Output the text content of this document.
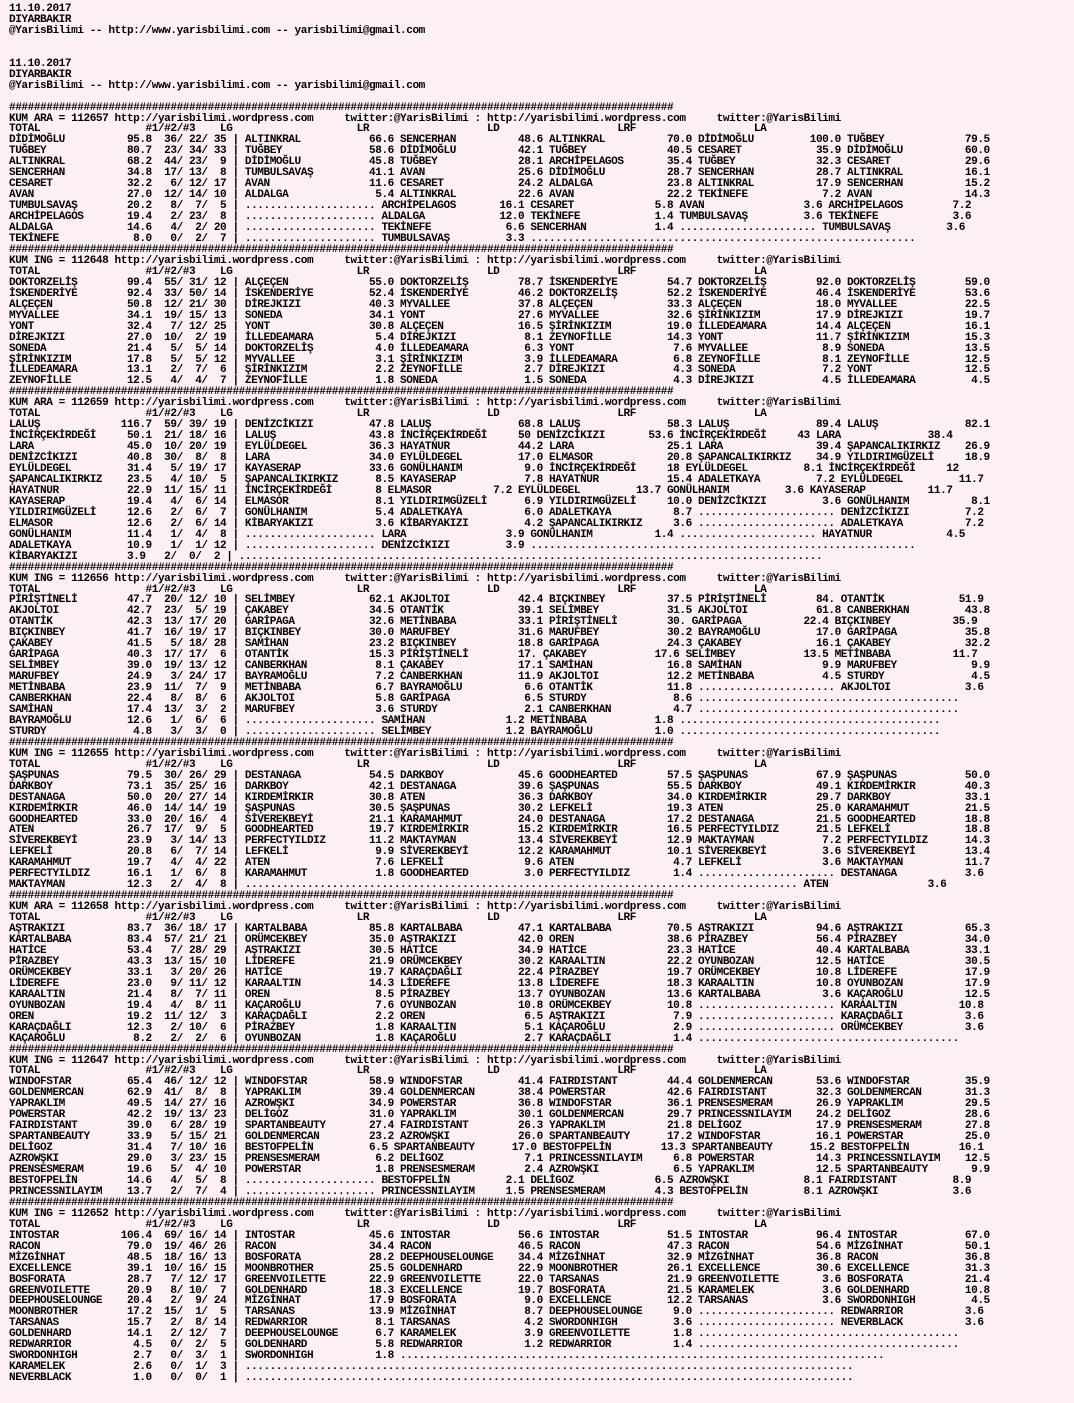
11.10.2017
DIYARBAKIR
@YarisBilimi -- http://www.yarisbilimi.com -- yarisbilimi@gmail.com

11.10.2017
DIYARBAKIR
@YarisBilimi -- http://www.yarisbilimi.com -- yarisbilimi@gmail.com

###########################################################################################################
KUM ARA = 112657 http://yarisbilimi.wordpress.com     twitter:@YarisBilimi : http://yarisbilimi.wordpress.com     twitter:@YarisBilimi
TOTAL                 #1/#2/#3    LG                    LR                   LD                   LRF                   LA
DİDİMOĞLU          95.8  36/ 22/ 35 | ALTINKRAL           66.6 SENCERHAN          48.6 ALTINKRAL          70.0 DİDİMOĞLU         100.0 TUĞBEY             79.5
TUĞBEY             80.7  23/ 34/ 33 | TUĞBEY              58.6 DİDİMOĞLU          42.1 TUĞBEY             40.5 CESARET            35.9 DİDİMOĞLU          60.0
ALTINKRAL          68.2  44/ 23/  9 | DİDİMOĞLU           45.8 TUĞBEY             28.1 ARCHİPELAGOS       35.4 TUĞBEY             32.3 CESARET            29.6
SENCERHAN          34.8  17/ 13/  8 | TUMBULSAVAŞ         41.1 AVAN               25.6 DİDİMOĞLU          28.7 SENCERHAN          28.7 ALTINKRAL          16.1
CESARET            32.2   6/ 12/ 17 | AVAN                11.6 CESARET            24.2 ALDALGA            23.8 ALTINKRAL          17.9 SENCERHAN          15.2
AVAN               27.0  12/ 14/ 10 | ALDALGA              5.4 ALTINKRAL          22.6 AVAN               22.2 TEKİNEFE            7.2 AVAN               14.3
TUMBULSAVAŞ        20.2   8/  7/  5 | ..................... ARCHİPELAGOS       16.1 CESARET             5.8 AVAN                3.6 ARCHİPELAGOS        7.2
ARCHİPELAGOS       19.4   2/ 23/  8 | ..................... ALDALGA            12.0 TEKİNEFE            1.4 TUMBULSAVAŞ         3.6 TEKİNEFE            3.6
ALDALGA            14.6   4/  2/ 20 | ..................... TEKİNEFE            6.6 SENCERHAN           1.4 ...................... TUMBULSAVAŞ         3.6
TEKİNEFE            8.0   0/  2/  7 | ..................... TUMBULSAVAŞ         3.3 ..............................................................
###########################################################################################################
KUM ING = 112648 http://yarisbilimi.wordpress.com     twitter:@YarisBilimi : http://yarisbilimi.wordpress.com     twitter:@YarisBilimi
TOTAL                 #1/#2/#3    LG                    LR                   LD                   LRF                   LA
DOKTORZELİŞ        99.4  55/ 31/ 12 | ALÇEÇEN             55.0 DOKTORZELİŞ        78.7 İSKENDERİYE        54.7 DOKTORZELİŞ        92.0 DOKTORZELİŞ        59.0
İSKENDERİYE        92.4  33/ 50/ 14 | İSKENDERİYE         52.4 İSKENDERİYE        46.2 DOKTORZELİŞ        52.2 İSKENDERİYE        46.4 İSKENDERİYE        53.6
ALÇEÇEN            50.8  12/ 21/ 30 | DİREJKIZI           40.3 MYVALLEE           37.8 ALÇEÇEN            33.3 ALÇEÇEN            18.0 MYVALLEE           22.5
MYVALLEE           34.1  19/ 15/ 13 | SONEDA              34.1 YONT               27.6 MYVALLEE           32.6 ŞİRİNKIZIM         17.9 DİREJKIZI          19.7
YONT               32.4   7/ 12/ 25 | YONT                30.8 ALÇEÇEN            16.5 ŞİRİNKIZIM         19.0 İLLEDEAMARA        14.4 ALÇEÇEN            16.1
DİREJKIZI          27.0  10/  2/ 19 | İLLEDEAMARA          5.4 DİREJKIZI           8.1 ZEYNOFİLLE         14.3 YONT               11.7 ŞİRİNKIZIM         15.3
SONEDA             21.4   5/  5/ 14 | DOKTORZELİŞ          4.0 İLLEDEAMARA         6.3 YONT                7.6 MYVALLEE            8.9 SONEDA             13.5
ŞİRİNKIZIM         17.8   5/  5/ 12 | MYVALLEE             3.1 ŞİRİNKIZIM          3.9 İLLEDEAMARA         6.8 ZEYNOFİLLE          8.1 ZEYNOFİLLE         12.5
İLLEDEAMARA        13.1   2/  7/  6 | ŞİRİNKIZIM           2.2 ZEYNOFİLLE          2.7 DİREJKIZI           4.3 SONEDA              7.2 YONT               12.5
ZEYNOFİLLE         12.5   4/  4/  7 | ZEYNOFİLLE           1.8 SONEDA              1.5 SONEDA              4.3 DİREJKIZI           4.5 İLLEDEAMARA         4.5
###########################################################################################################
KUM ARA = 112659 http://yarisbilimi.wordpress.com     twitter:@YarisBilimi : http://yarisbilimi.wordpress.com     twitter:@YarisBilimi
TOTAL                 #1/#2/#3    LG                    LR                   LD                   LRF                   LA
LALUŞ             116.7  59/ 39/ 19 | DENİZCİKIZI         47.8 LALUŞ              68.8 LALUŞ              58.3 LALUŞ              89.4 LALUŞ              82.1
İNCİRÇEKİRDEĞİ     50.1  21/ 18/ 16 | LALUŞ               43.8 İNCİRÇEKİRDEĞİ     50 DENİZCİKIZI       53.6 İNCİRÇEKİRDEĞİ     43 LARA              38.4
LARA               45.0  10/ 20/ 19 | EYLÜLDEGEL          36.3 HAYATNUR           44.2 LARA               25.1 LARA               39.4 ŞAPANCALIKIRKIZ    26.9
DENİZCİKIZI        40.8  30/  8/  8 | LARA                34.0 EYLÜLDEGEL         17.0 ELMASOR            20.8 ŞAPANCALIKIRKIZ    34.9 YILDIRIMGÜZELİ     18.9
EYLÜLDEGEL         31.4   5/ 19/ 17 | KAYASERAP           33.6 GONÜLHANIM          9.0 İNCİRÇEKİRDEĞİ     18 EYLÜLDEGEL         8.1 İNCİRÇEKİRDEĞİ     12
ŞAPANCALIKIRKIZ    23.5   4/ 10/  5 | ŞAPANCALIKIRKIZ      8.5 KAYASERAP           7.8 HAYATNUR           15.4 ADALETKAYA         7.2 EYLÜLDEGEL         11.7
HAYATNUR           22.9  11/ 15/ 11 | İNCİRÇEKİRDEĞİ       8 ELMASOR          7.2 EYLÜLDEGEL         13.7 GONÜLHANIM         3.6 KAYASERAP          11.7
KAYASERAP          19.4   4/  6/ 14 | ELMASOR              8.1 YILDIRIMGÜZELİ      6.9 YILDIRIMGÜZELİ     10.0 DENİZCİKIZI         3.6 GONÜLHANIM          8.1
YILDIRIMGÜZELİ     12.6   2/  6/  7 | GONÜLHANIM           5.4 ADALETKAYA          6.0 ADALETKAYA          8.7 ...................... DENİZCİKIZI         7.2
ELMASOR            12.6   2/  6/ 14 | KİBARYAKIZI          3.6 KİBARYAKIZI         4.2 ŞAPANCALIKIRKIZ     3.6 ...................... ADALETKAYA          7.2
GONÜLHANIM         11.4   1/  4/  8 | ..................... LARA                3.9 GONÜLHANIM          1.4 ...................... HAYATNUR            4.5
ADALETKAYA         10.9   1/  1/ 12 | ..................... DENİZCİKIZI         3.9 ..............................................................
KİBARYAKIZI        3.9   2/  0/  2 | ..............................................................................................
###########################################################################################################
KUM ING = 112656 http://yarisbilimi.wordpress.com     twitter:@YarisBilimi : http://yarisbilimi.wordpress.com     twitter:@YarisBilimi
TOTAL                 #1/#2/#3    LG                    LR                   LD                   LRF                   LA
PİRİŞTİNELİ        47.7  20/ 12/ 10 | SELİMBEY            62.1 AKJOLTOI           42.4 BIÇKINBEY          37.5 PİRİŞTİNELİ        84. OTANTİK            51.9
AKJOLTOI           42.7  23/  5/ 19 | ÇAKABEY             34.5 OTANTİK            39.1 SELİMBEY           31.5 AKJOLTOI           61.8 CANBERKHAN         43.8
OTANTİK            42.3  13/ 17/ 20 | GARİPAGA            32.6 METİNBABA          33.1 PİRİŞTİNELİ        30. GARİPAGA          22.4 BIÇKINBEY          35.9
BIÇKINBEY          41.7  16/ 19/ 17 | BIÇKINBEY           30.0 MARUFBEY           31.6 MARUFBEY           30.2 BAYRAMOĞLU         17.0 GARİPAGA           35.8
ÇAKABEY            41.5   5/ 18/ 28 | SAMİHAN             23.2 BIÇKINBEY          18.8 GARİPAGA           24.3 ÇAKABEY            16.1 ÇAKABEY            32.2
GARİPAGA           40.3  17/ 17/  6 | OTANTİK             15.3 PİRİŞTİNELİ        17. ÇAKABEY           17.6 SELİMBEY           13.5 METİNBABA          11.7
SELİMBEY           39.0  19/ 13/ 12 | CANBERKHAN           8.1 ÇAKABEY            17.1 SAMİHAN            16.8 SAMİHAN             9.9 MARUFBEY            9.9
MARUFBEY           24.9   3/ 24/ 17 | BAYRAMOĞLU           7.2 CANBERKHAN         11.9 AKJOLTOI           12.2 METİNBABA           4.5 STURDY              4.5
METİNBABA          23.9  11/  7/  9 | METİNBABA            6.7 BAYRAMOĞLU          6.6 OTANTİK            11.8 ...................... AKJOLTOI            3.6
CANBERKHAN         22.4   8/  8/  6 | AKJOLTOI             5.8 GARİPAGA            6.5 STURDY              8.6 ..........................................
SAMİHAN            17.4  13/  3/  2 | MARUFBEY             3.6 STURDY              2.1 CANBERKHAN          4.7 ..........................................
BAYRAMOĞLU         12.6   1/  6/  6 | ..................... SAMİHAN             1.2 METİNBABA           1.8 ..........................................
STURDY              4.8   3/  3/  0 | ..................... SELİMBEY            1.2 BAYRAMOĞLU          1.0 ..........................................
###########################################################################################################
KUM ING = 112655 http://yarisbilimi.wordpress.com     twitter:@YarisBilimi : http://yarisbilimi.wordpress.com     twitter:@YarisBilimi
TOTAL                 #1/#2/#3    LG                    LR                   LD                   LRF                   LA
ŞAŞPUNAS           79.5  30/ 26/ 29 | DESTANAGA           54.5 DARKBOY            45.6 GOODHEARTED        57.5 ŞAŞPUNAS           67.9 ŞAŞPUNAS           50.0
DARKBOY            73.1  35/ 25/ 16 | DARKBOY             42.1 DESTANAGA          39.6 ŞAŞPUNAS           55.5 DARKBOY            49.1 KIRDEMİRKIR        40.3
DESTANAGA          50.0  20/ 27/ 14 | KIRDEMİRKIR         30.8 ATEN               36.3 DARKBOY            34.0 KIRDEMİRKIR        29.7 DARKBOY            33.1
KIRDEMİRKIR        46.0  14/ 14/ 19 | ŞAŞPUNAS            30.5 ŞAŞPUNAS           30.2 LEFKELİ            19.3 ATEN               25.0 KARAMAHMUT         21.5
GOODHEARTED        33.0  20/ 16/  4 | SİVEREKBEYİ         21.1 KARAMAHMUT         24.0 DESTANAGA          17.2 DESTANAGA          21.5 GOODHEARTED        18.8
ATEN               26.7  17/  9/  5 | GOODHEARTED         19.7 KIRDEMİRKIR        15.2 KIRDEMİRKIR        16.5 PERFECTYILDIZ      21.5 LEFKELİ            18.8
SİVEREKBEYİ        23.9   3/ 14/ 13 | PERFECTYILDIZ       11.2 MAKTAYMAN          13.4 SİVEREKBEYİ        12.9 MAKTAYMAN           7.2 PERFECTYILDIZ      14.3
LEFKELİ            20.8   6/  7/ 14 | LEFKELİ              9.9 SİVEREKBEYİ        12.2 KARAMAHMUT         10.1 SİVEREKBEYİ         3.6 SİVEREKBEYİ        13.4
KARAMAHMUT         19.7   4/  4/ 22 | ATEN                 7.6 LEFKELİ             9.6 ATEN                4.7 LEFKELİ             3.6 MAKTAYMAN          11.7
PERFECTYILDIZ      16.1   1/  6/  8 | KARAMAHMUT           1.8 GOODHEARTED         3.0 PERFECTYILDIZ       1.4 ...................... DESTANAGA           3.6
MAKTAYMAN          12.3   2/  4/  8 | ......................................................................................... ATEN                3.6
###########################################################################################################
KUM ARA = 112658 http://yarisbilimi.wordpress.com     twitter:@YarisBilimi : http://yarisbilimi.wordpress.com     twitter:@YarisBilimi
TOTAL                 #1/#2/#3    LG                    LR                   LD                   LRF                   LA
AŞTRAKIZI          83.7  36/ 18/ 17 | KARTALBABA          85.8 KARTALBABA         47.1 KARTALBABA         70.5 AŞTRAKIZI          94.6 AŞTRAKIZI          65.3
KARTALBABA         83.4  57/ 21/ 21 | ORÜMCEKBEY          35.0 AŞTRAKIZI          42.0 OREN               38.6 PİRAZBEY           56.4 PİRAZBEY           34.0
HATİCE             53.4   7/ 28/ 29 | AŞTRAKIZI           30.5 HATİCE             34.9 HATİCE             23.3 HATİCE             40.4 KARTALBABA         33.1
PİRAZBEY           43.3  13/ 15/ 10 | LİDEREFE            21.9 ORÜMCEKBEY         30.2 KARAALTIN          22.2 OYUNBOZAN          12.5 HATİCE             30.5
ORÜMCEKBEY         33.1   3/ 20/ 26 | HATİCE              19.7 KARAÇDAĞLI         22.4 PİRAZBEY           19.7 ORÜMCEKBEY         10.8 LİDEREFE           17.9
LİDEREFE           23.0   9/ 11/ 12 | KARAALTIN           14.3 LİDEREFE           13.8 LİDEREFE           18.3 KARAALTIN          10.8 OYUNBOZAN          17.9
KARAALTIN          21.4   8/  7/ 11 | OREN                 8.5 PİRAZBEY           13.7 OYUNBOZAN          13.6 KARTALBABA          3.6 KAÇAROĞLU          12.5
OYUNBOZAN          19.4   4/  8/ 11 | KAÇAROĞLU            7.6 OYUNBOZAN          10.8 ORÜMCEKBEY         10.8 ...................... KARAALTIN          10.8
OREN               19.2  11/ 12/  3 | KARAÇDAĞLI           2.2 OREN                6.5 AŞTRAKIZI           7.9 ...................... KARAÇDAĞLI          3.6
KARAÇDAĞLI         12.3   2/ 10/  6 | PİRAZBEY             1.8 KARAALTIN           5.1 KAÇAROĞLU           2.9 ...................... ORÜMCEKBEY          3.6
KAÇAROĞLU           8.2   2/  2/  6 | OYUNBOZAN            1.8 KAÇAROĞLU           2.7 KARAÇDAĞLI          1.4 ..........................................
###########################################################################################################
KUM ING = 112647 http://yarisbilimi.wordpress.com     twitter:@YarisBilimi : http://yarisbilimi.wordpress.com     twitter:@YarisBilimi
TOTAL                 #1/#2/#3    LG                    LR                   LD                   LRF                   LA
WINDOFSTAR         65.4  46/ 12/ 12 | WINDOFSTAR          58.9 WINDOFSTAR         41.4 FAIRDISTANT        44.4 GOLDENMERCAN       53.6 WINDOFSTAR         35.9
GOLDENMERCAN       62.9  41/  8/  8 | YAPRAKLIM           39.4 GOLDENMERCAN       38.4 POWERSTAR          42.6 FAIRDISTANT        32.3 GOLDENMERCAN       31.3
YAPRAKLIM          49.5  14/ 27/ 16 | AZROWŞKI            34.9 POWERSTAR          36.8 WINDOFSTAR         36.1 PRENSESMERAM       26.9 YAPRAKLIM          29.5
POWERSTAR          42.2  19/ 13/ 23 | DELİGOZ             31.0 YAPRAKLIM          30.1 GOLDENMERCAN       29.7 PRINCESSNILAYIM    24.2 DELİGOZ            28.6
FAIRDISTANT        39.0   6/ 28/ 19 | SPARTANBEAUTY       27.4 FAIRDISTANT        26.3 YAPRAKLIM          21.8 DELİGOZ            17.9 PRENSESMERAM       27.8
SPARTANBEAUTY      33.9   5/ 15/ 21 | GOLDENMERCAN        23.2 AZROWŞKI           26.0 SPARTANBEAUTY      17.2 WINDOFSTAR         16.1 POWERSTAR          25.0
DELİGOZ            31.4   7/ 10/ 16 | BESTOFPELİN         6.5 SPARTANBEAUTY      17.0 BESTOFPELİN        13.3 SPARTANBEAUTY      15.2 BESTOFPELİN        16.1
AZROWŞKI           29.0   3/ 23/ 15 | PRENSESMERAM         6.2 DELİGOZ             7.1 PRINCESSNILAYIM     6.8 POWERSTAR          14.3 PRINCESSNILAYIM    12.5
PRENSESMERAM       19.6   5/  4/ 10 | POWERSTAR            1.8 PRENSESMERAM        2.4 AZROWŞKI            6.5 YAPRAKLIM          12.5 SPARTANBEAUTY       9.9
BESTOFPELİN        14.6   4/  5/  8 | ..................... BESTOFPELİN         2.1 DELİGOZ             6.5 AZROWŞKI            8.1 FAIRDISTANT         8.9
PRINCESSNILAYIM    13.7   2/  7/  4 | ..................... PRINCESSNILAYIM     1.5 PRENSESMERAM        4.3 BESTOFPELİN         8.1 AZROWŞKI            3.6
###########################################################################################################
KUM ING = 112652 http://yarisbilimi.wordpress.com     twitter:@YarisBilimi : http://yarisbilimi.wordpress.com     twitter:@YarisBilimi
TOTAL                 #1/#2/#3    LG                    LR                   LD                   LRF                   LA
INTOSTAR          106.4  69/ 16/ 14 | INTOSTAR            45.6 INTOSTAR           56.6 INTOSTAR           51.5 INTOSTAR           96.4 INTOSTAR           67.0
RACON              79.0  19/ 46/ 26 | RACON               34.4 RACON              46.5 RACON              47.3 RACON              54.6 MİZGİNHAT          50.1
MİZGİNHAT          48.5  18/ 16/ 13 | BOSFORATA           28.2 DEEPHOUSELOUNGE    34.4 MİZGİNHAT          32.9 MİZGİNHAT          36.8 RACON              36.8
EXCELLENCE         39.1  10/ 16/ 15 | MOONBROTHER         25.5 GOLDENHARD         22.9 MOONBROTHER        26.1 EXCELLENCE         30.6 EXCELLENCE         31.3
BOSFORATA          28.7   7/ 12/ 17 | GREENVOILETTE       22.9 GREENVOILETTE      22.0 TARSANAS           21.9 GREENVOILETTE       3.6 BOSFORATA          21.4
GREENVOILETTE      20.9   8/ 10/  7 | GOLDENHARD          18.3 EXCELLENCE         19.7 BOSFORATA          21.5 KARAMELEK           3.6 GOLDENHARD         10.8
DEEPHOUSELOUNGE    20.4   2/  9/ 24 | MİZGİNHAT           17.9 BOSFORATA           9.0 EXCELLENCE         12.2 TARSANAS            3.6 SWORDONHIGH         4.5
MOONBROTHER        17.2  15/  1/  5 | TARSANAS            13.9 MİZGİNHAT           8.7 DEEPHOUSELOUNGE     9.0 ...................... REDWARRIOR          3.6
TARSANAS           15.7   2/  8/ 14 | REDWARRIOR           8.1 TARSANAS            4.2 SWORDONHIGH         3.6 ...................... NEVERBLACK          3.6
GOLDENHARD         14.1   2/ 12/  7 | DEEPHOUSELOUNGE      6.7 KARAMELEK           3.9 GREENVOILETTE       1.8 ..........................................
REDWARRIOR          4.5   0/  2/  5 | GOLDENHARD           5.8 REDWARRIOR          1.2 REDWARRIOR          1.4 ..........................................
SWORDONHIGH         2.7   0/  3/  1 | SWORDONHIGH          1.8 ..............................................................................
KARAMELEK           2.6   0/  1/  3 | ..................................................................................................
NEVERBLACK          1.0   0/  0/  1 | ..................................................................................................
